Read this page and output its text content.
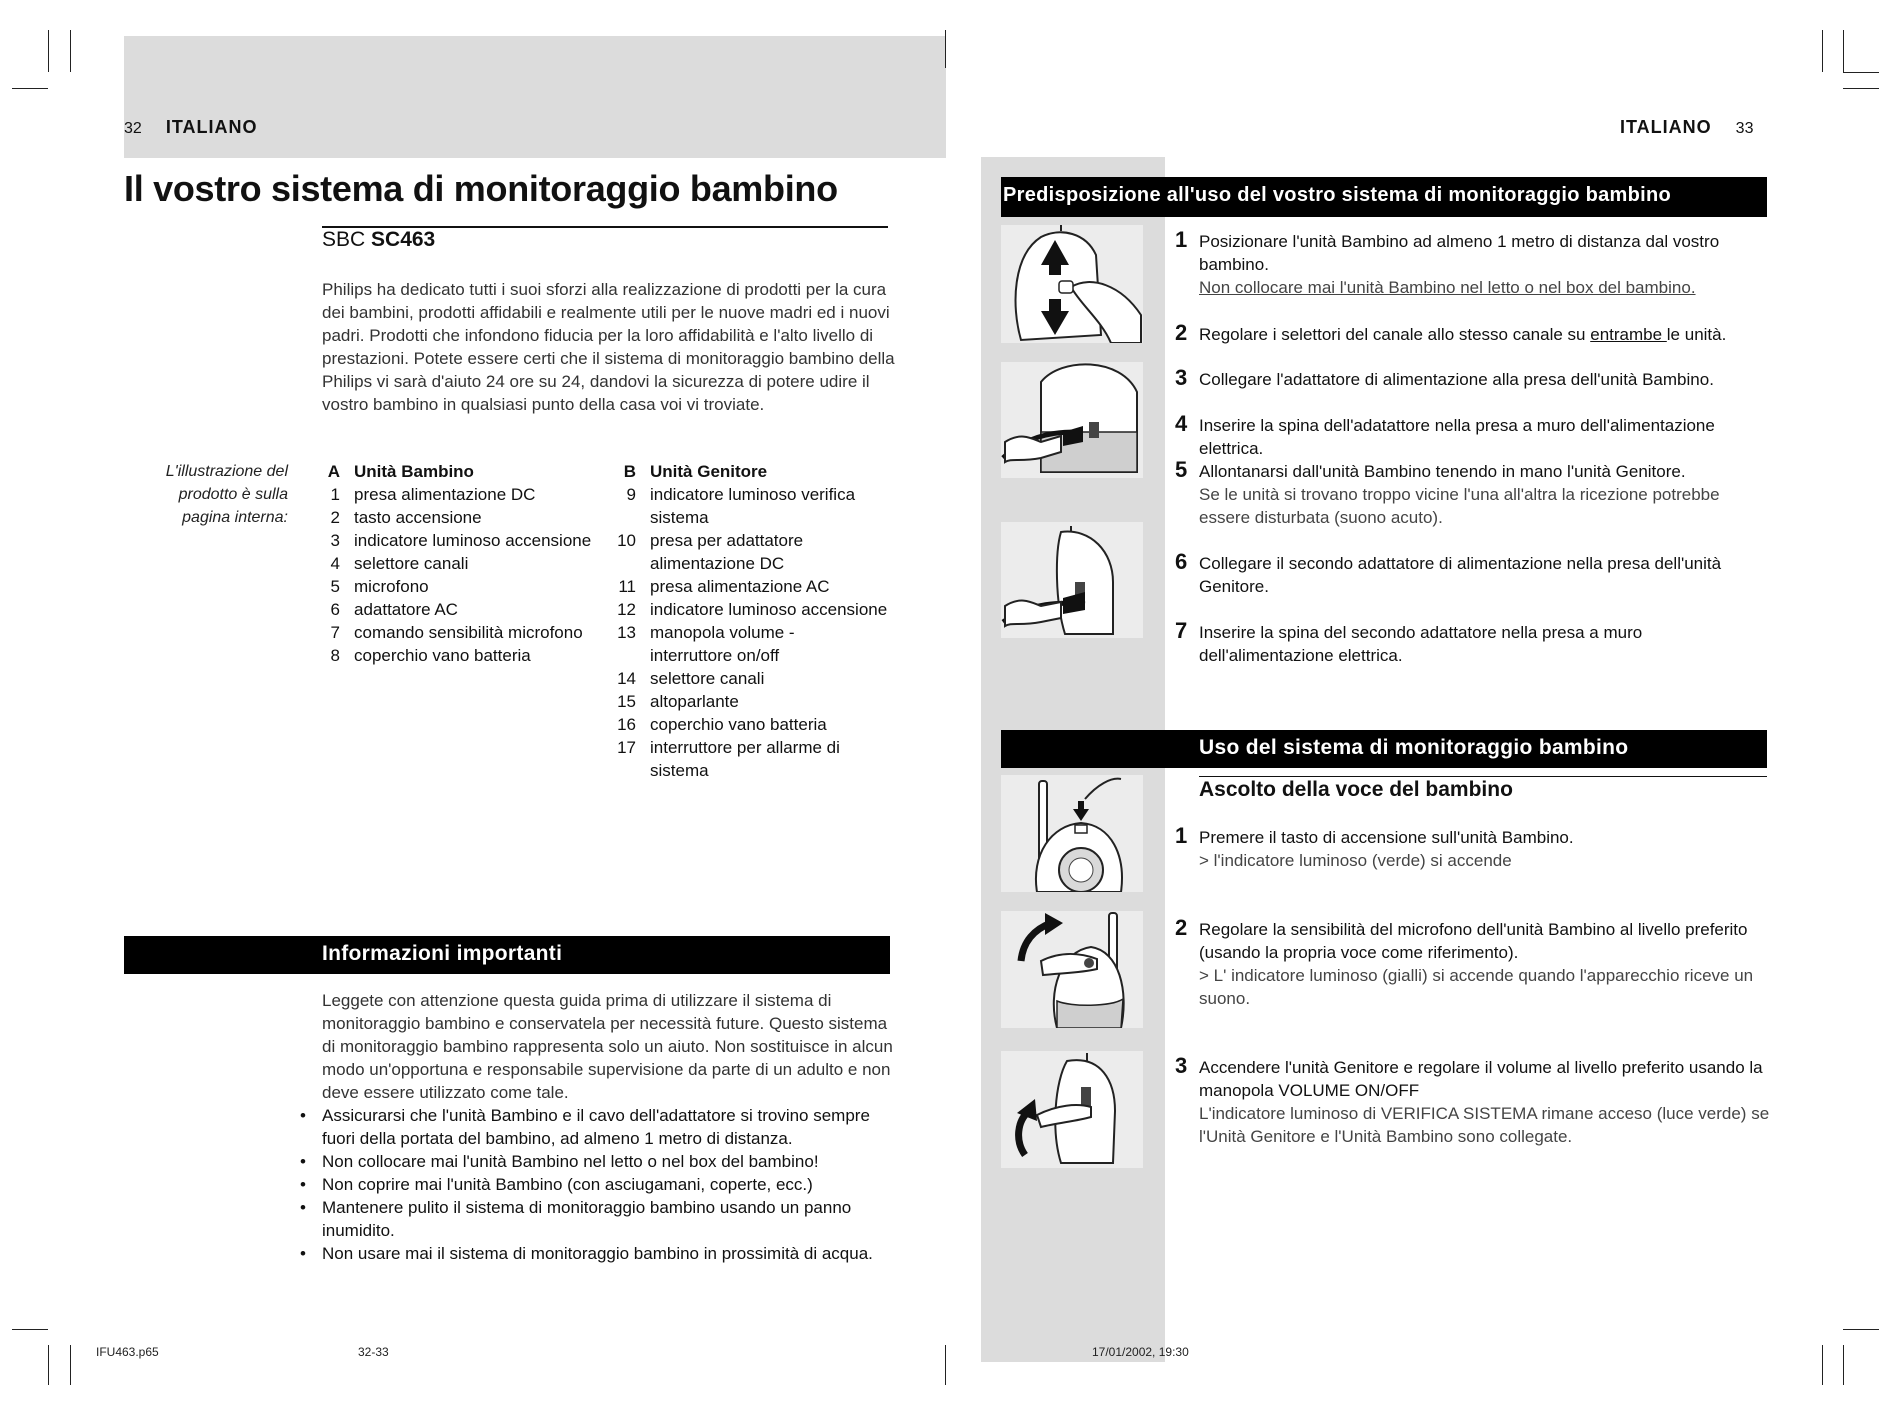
32 ITALIANO
Il vostro sistema di monitoraggio bambino
SBC SC463

Philips ha dedicato tutti i suoi sforzi alla realizzazione di prodotti per la cura dei bambini, prodotti affidabili e realmente utili per le nuove madri ed i nuovi padri. Prodotti che infondono fiducia per la loro affidabilità e l'alto livello di prestazioni. Potete essere certi che il sistema di monitoraggio bambino della Philips vi sarà d'aiuto 24 ore su 24, dandovi la sicurezza di potere udire il vostro bambino in qualsiasi punto della casa voi vi troviate.

L'illustrazione del
prodotto è sulla
pagina interna:
A Unità Bambino
1 presa alimentazione DC
2 tasto accensione
3 indicatore luminoso accensione
4 selettore canali
5 microfono
6 adattatore AC
7 comando sensibilità microfono
8 coperchio vano batteria
B Unità Genitore
9 indicatore luminoso verifica
sistema
10 presa per adattatore
alimentazione DC
11 presa alimentazione AC
12 indicatore luminoso accensione
13 manopola volume -
interruttore on/off
14 selettore canali
15 altoparlante
16 coperchio vano batteria
17 interruttore per allarme di
sistema
Informazioni importanti

Leggete con attenzione questa guida prima di utilizzare il sistema di monitoraggio bambino e conservatela per necessità future. Questo sistema di monitoraggio bambino rappresenta solo un aiuto. Non sostituisce in alcun modo un'opportuna e responsabile supervisione da parte di un adulto e non deve essere utilizzato come tale.

• Assicurarsi che l'unità Bambino e il cavo dell'adattatore si trovino sempre fuori della portata del bambino, ad almeno 1 metro di distanza.
• Non collocare mai l'unità Bambino nel letto o nel box del bambino!
• Non coprire mai l'unità Bambino (con asciugamani, coperte, ecc.)
• Mantenere pulito il sistema di monitoraggio bambino usando un panno inumidito.
• Non usare mai il sistema di monitoraggio bambino in prossimità di acqua.
ITALIANO 33
Predisposizione all'uso del vostro sistema di monitoraggio bambino
1 Posizionare l'unità Bambino ad almeno 1 metro di distanza dal vostro bambino.
Non collocare mai l'unità Bambino nel letto o nel box del bambino.
2 Regolare i selettori del canale allo stesso canale su entrambe le unità.
3 Collegare l'adattatore di alimentazione alla presa dell'unità Bambino.
4 Inserire la spina dell'adatattore nella presa a muro dell'alimentazione elettrica.
5 Allontanarsi dall'unità Bambino tenendo in mano l'unità Genitore.
Se le unità si trovano troppo vicine l'una all'altra la ricezione potrebbe essere disturbata (suono acuto).
6 Collegare il secondo adattatore di alimentazione nella presa dell'unità Genitore.
7 Inserire la spina del secondo adattatore nella presa a muro dell'alimentazione elettrica.
Uso del sistema di monitoraggio bambino
Ascolto della voce del bambino
1 Premere il tasto di accensione sull'unità Bambino.
> l'indicatore luminoso (verde) si accende
2 Regolare la sensibilità del microfono dell'unità Bambino al livello preferito (usando la propria voce come riferimento).
> L' indicatore luminoso (gialli) si accende quando l'apparecchio riceve un suono.
3 Accendere l'unità Genitore e regolare il volume al livello preferito usando la manopola VOLUME ON/OFF
L'indicatore luminoso di VERIFICA SISTEMA rimane acceso (luce verde) se l'Unità Genitore e l'Unità Bambino sono collegate.
IFU463.p65	32-33	17/01/2002, 19:30
